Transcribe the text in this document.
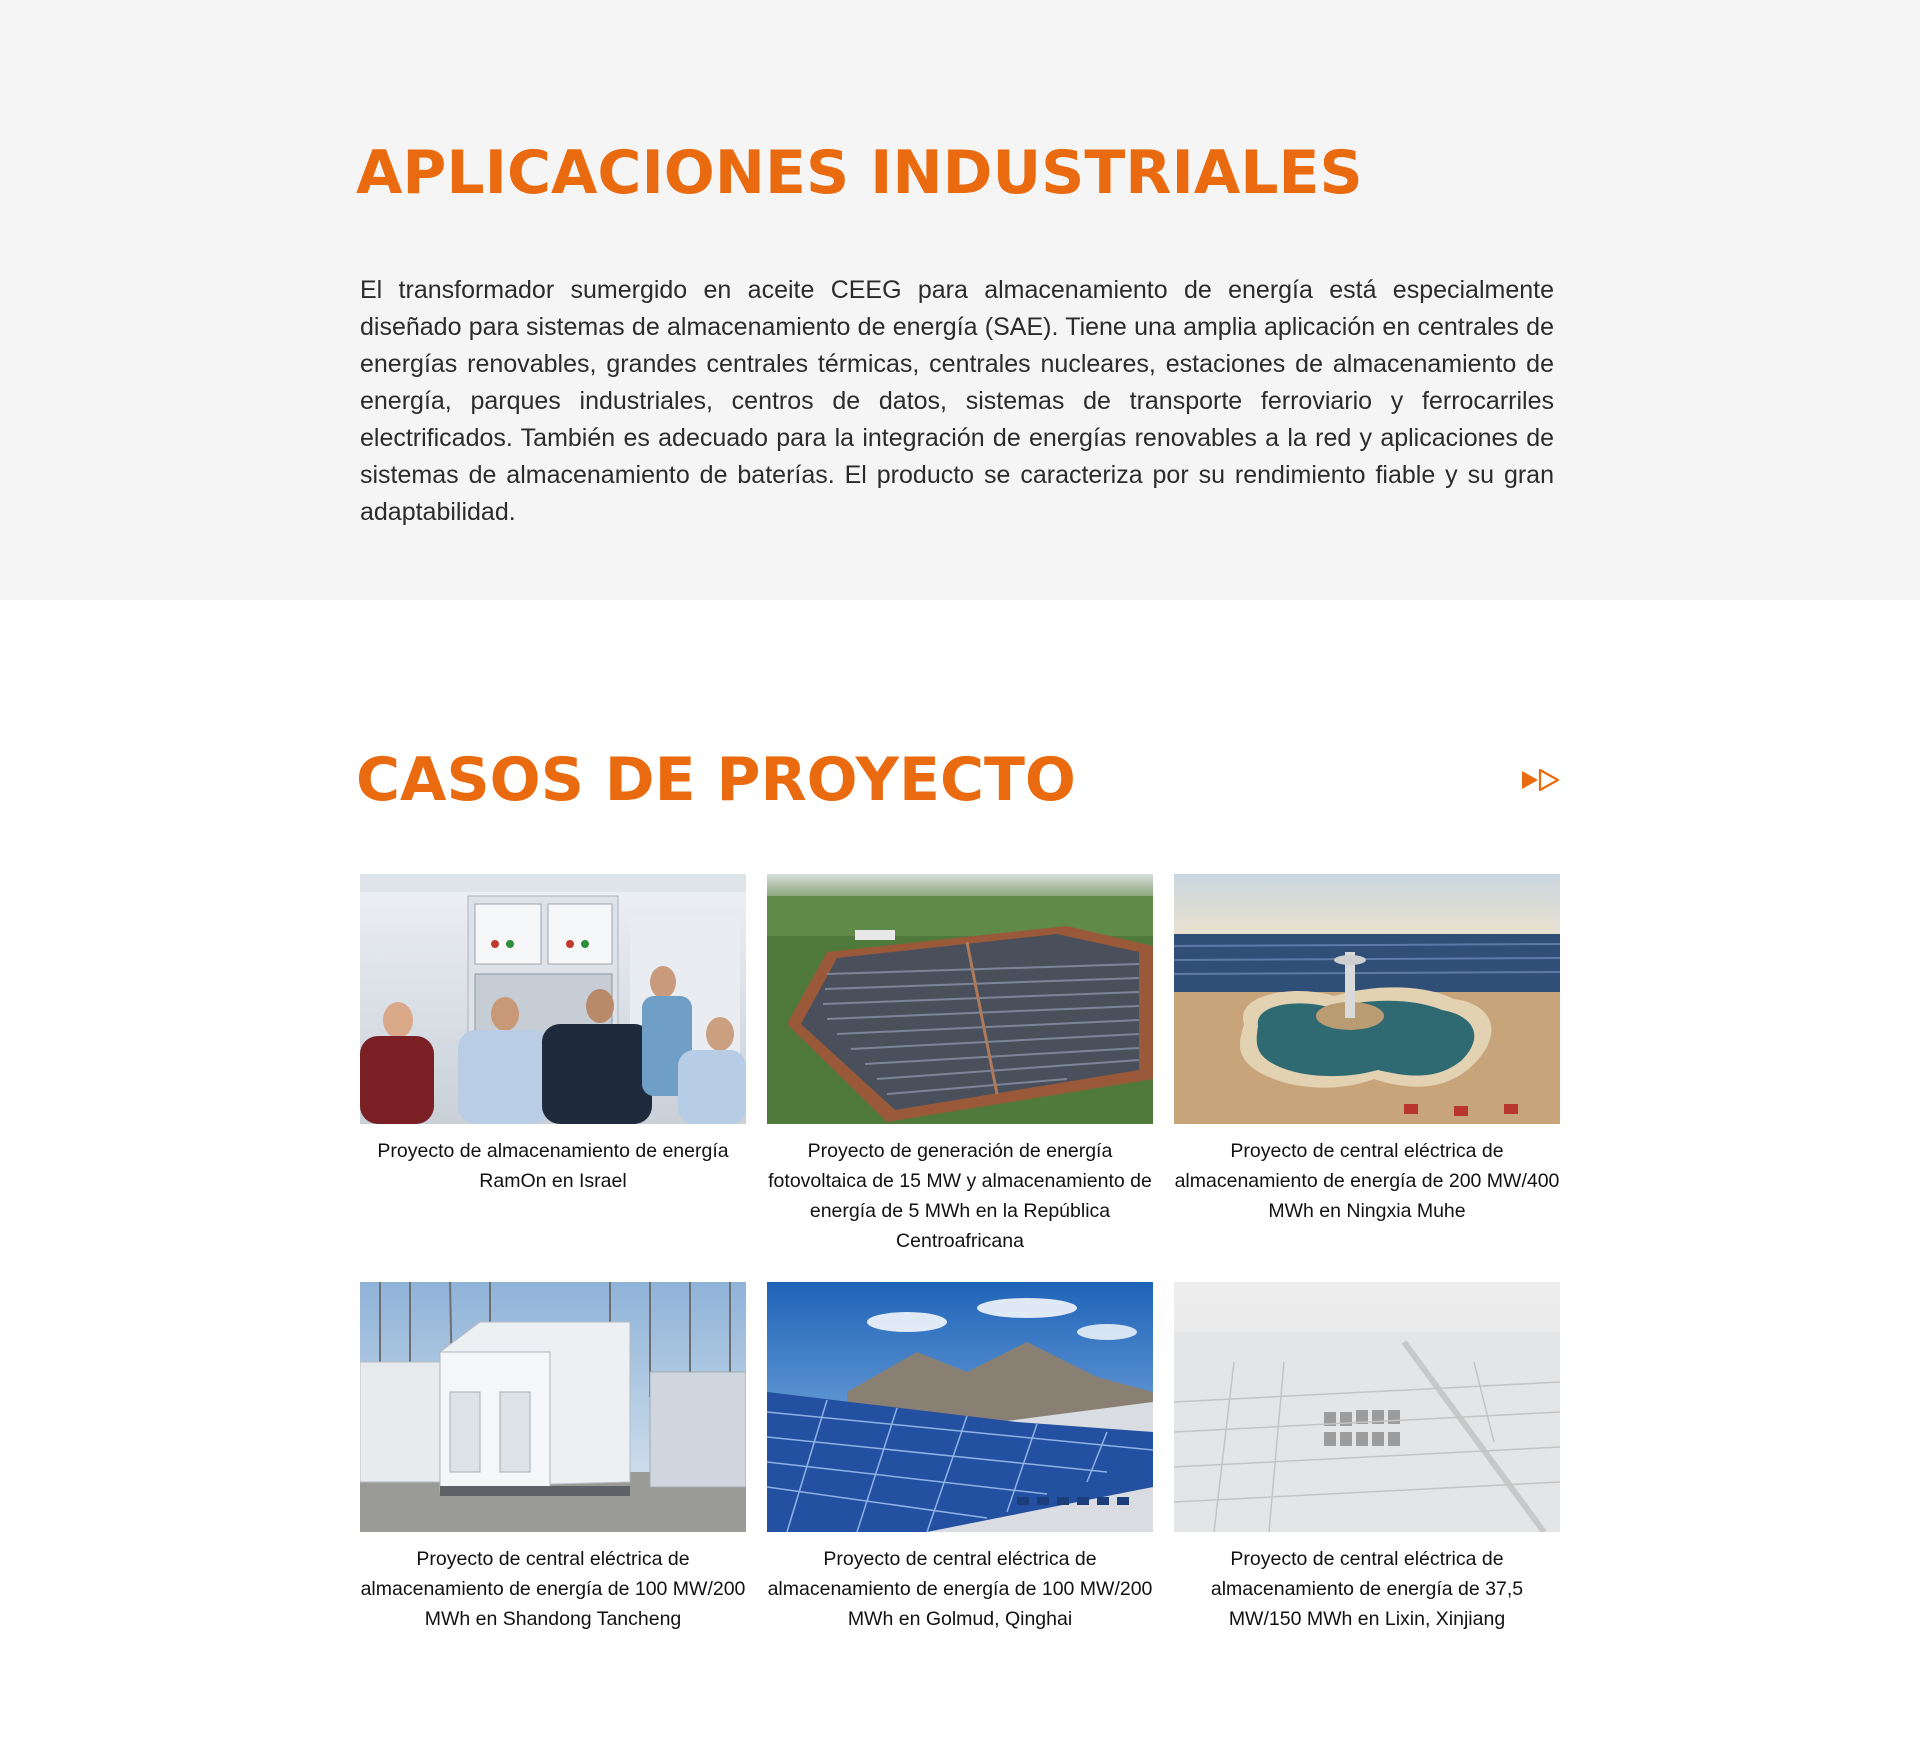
APLICACIONES INDUSTRIALES

El transformador sumergido en aceite CEEG para almacenamiento de energía está especialmente diseñado para sistemas de almacenamiento de energía (SAE). Tiene una amplia aplicación en centrales de energías renovables, grandes centrales térmicas, centrales nucleares, estaciones de almacenamiento de energía, parques industriales, centros de datos, sistemas de transporte ferroviario y ferrocarriles electrificados. También es adecuado para la integración de energías renovables a la red y aplicaciones de sistemas de almacenamiento de baterías. El producto se caracteriza por su rendimiento fiable y su gran adaptabilidad.

CASOS DE PROYECTO

Proyecto de almacenamiento de energía RamOn en Israel

Proyecto de generación de energía fotovoltaica de 15 MW y almacenamiento de energía de 5 MWh en la República Centroafricana

Proyecto de central eléctrica de almacenamiento de energía de 200 MW/400 MWh en Ningxia Muhe

Proyecto de central eléctrica de almacenamiento de energía de 100 MW/200 MWh en Shandong Tancheng

Proyecto de central eléctrica de almacenamiento de energía de 100 MW/200 MWh en Golmud, Qinghai

Proyecto de central eléctrica de almacenamiento de energía de 37,5 MW/150 MWh en Lixin, Xinjiang
